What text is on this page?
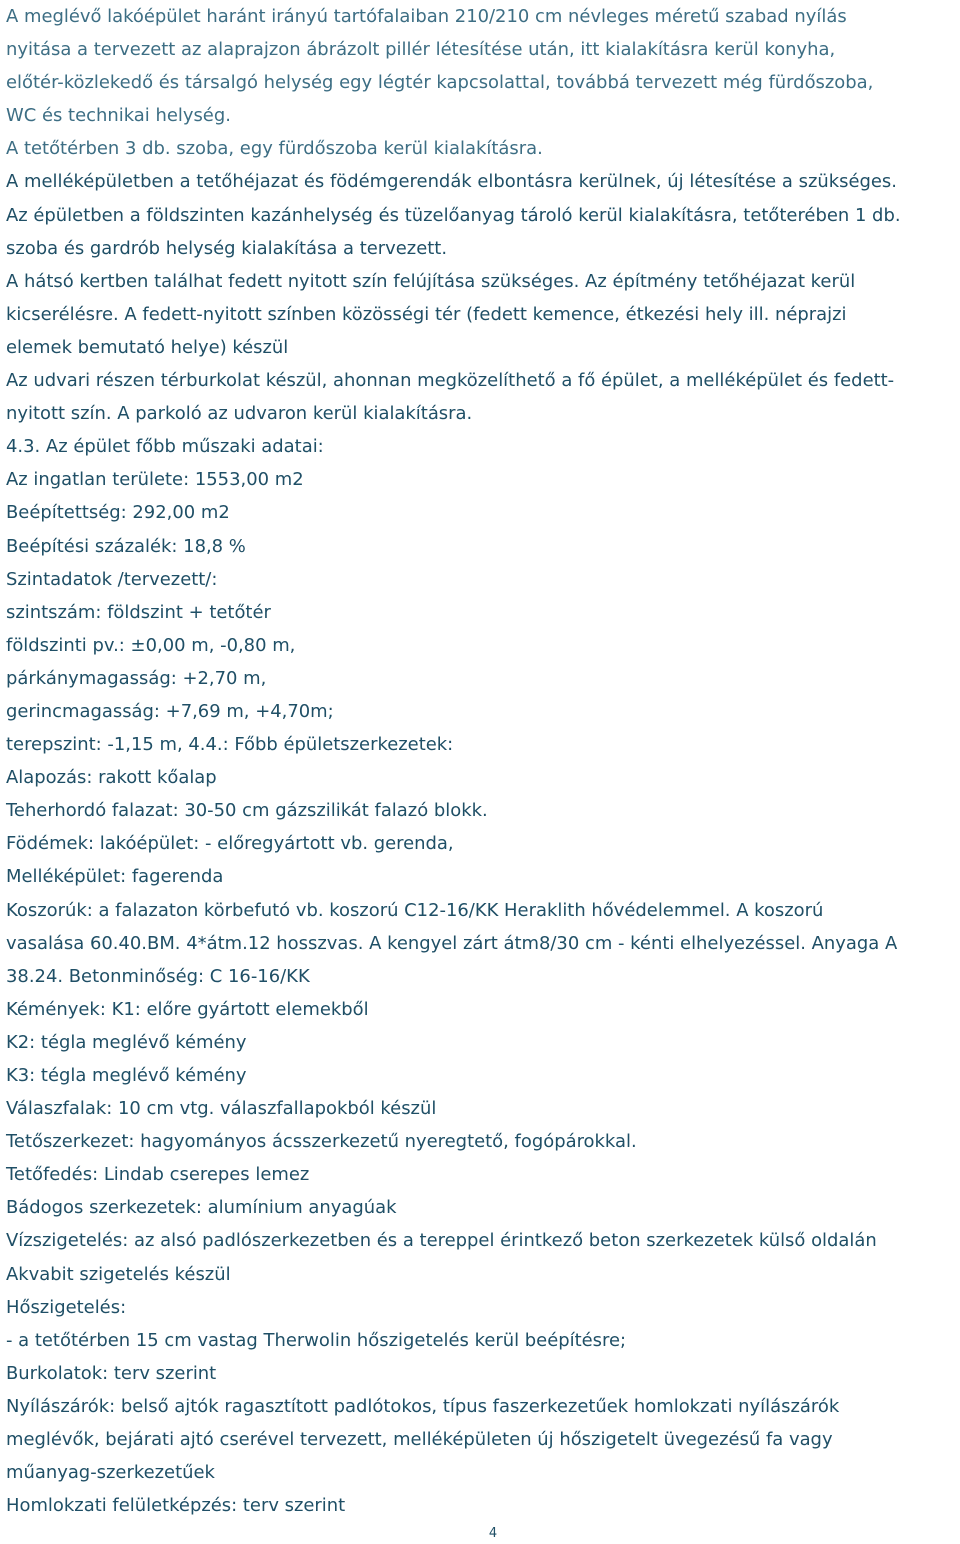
A meglévő lakóépület haránt irányú tartófalaiban 210/210 cm névleges méretű szabad nyílás
nyitása a tervezett az alaprajzon ábrázolt pillér létesítése után, itt kialakításra kerül konyha,
előtér-közlekedő és társalgó helység egy légtér kapcsolattal, továbbá tervezett még fürdőszoba,
WC és technikai helység.
A tetőtérben 3 db. szoba, egy fürdőszoba kerül kialakításra.
A melléképületben a tetőhéjazat és födémgerendák elbontásra kerülnek, új létesítése a szükséges.
Az épületben a földszinten kazánhelység és tüzelőanyag tároló kerül kialakításra, tetőterében 1 db.
szoba és gardrób helység kialakítása a tervezett.
A hátsó kertben találhat fedett nyitott szín felújítása szükséges. Az építmény tetőhéjazat kerül
kicserélésre. A fedett-nyitott színben közösségi tér (fedett kemence, étkezési hely ill. néprajzi
elemek bemutató helye) készül
Az udvari részen térburkolat készül, ahonnan megközelíthető a fő épület, a melléképület és fedett-
nyitott szín. A parkoló az udvaron kerül kialakításra.
4.3. Az épület főbb műszaki adatai:
Az ingatlan területe: 1553,00 m2
Beépítettség: 292,00 m2
Beépítési százalék: 18,8 %
Szintadatok /tervezett/:
szintszám: földszint + tetőtér
földszinti pv.: ±0,00 m, -0,80 m,
párkánymagasság: +2,70 m,
gerincmagasság: +7,69 m, +4,70m;
terepszint: -1,15 m, 4.4.: Főbb épületszerkezetek:
Alapozás: rakott kőalap
Teherhordó falazat: 30-50 cm gázszilikát falazó blokk.
Födémek: lakóépület: - előregyártott vb. gerenda,
Melléképület: fagerenda
Koszorúk: a falazaton körbefutó vb. koszorú C12-16/KK Heraklith hővédelemmel. A koszorú
vasalása 60.40.BM. 4*átm.12 hosszvas. A kengyel zárt átm8/30 cm - kénti elhelyezéssel. Anyaga A
38.24. Betonminőség: C 16-16/KK
Kémények: K1: előre gyártott elemekből
K2: tégla meglévő kémény
K3: tégla meglévő kémény
Válaszfalak: 10 cm vtg. válaszfallapokból készül
Tetőszerkezet: hagyományos ácsszerkezetű nyeregtető, fogópárokkal.
Tetőfedés: Lindab cserepes lemez
Bádogos szerkezetek: alumínium anyagúak
Vízszigetelés: az alsó padlószerkezetben és a tereppel érintkező beton szerkezetek külső oldalán
Akvabit szigetelés készül
Hőszigetelés:
- a tetőtérben 15 cm vastag Therwolin hőszigetelés kerül beépítésre;
Burkolatok: terv szerint
Nyílászárók: belső ajtók ragasztított padlótokos, típus faszerkezetűek homlokzati nyílászárók
meglévők, bejárati ajtó cserével tervezett, melléképületen új hőszigetelt üvegezésű fa vagy
műanyag-szerkezetűek
Homlokzati felületképzés: terv szerint
4
